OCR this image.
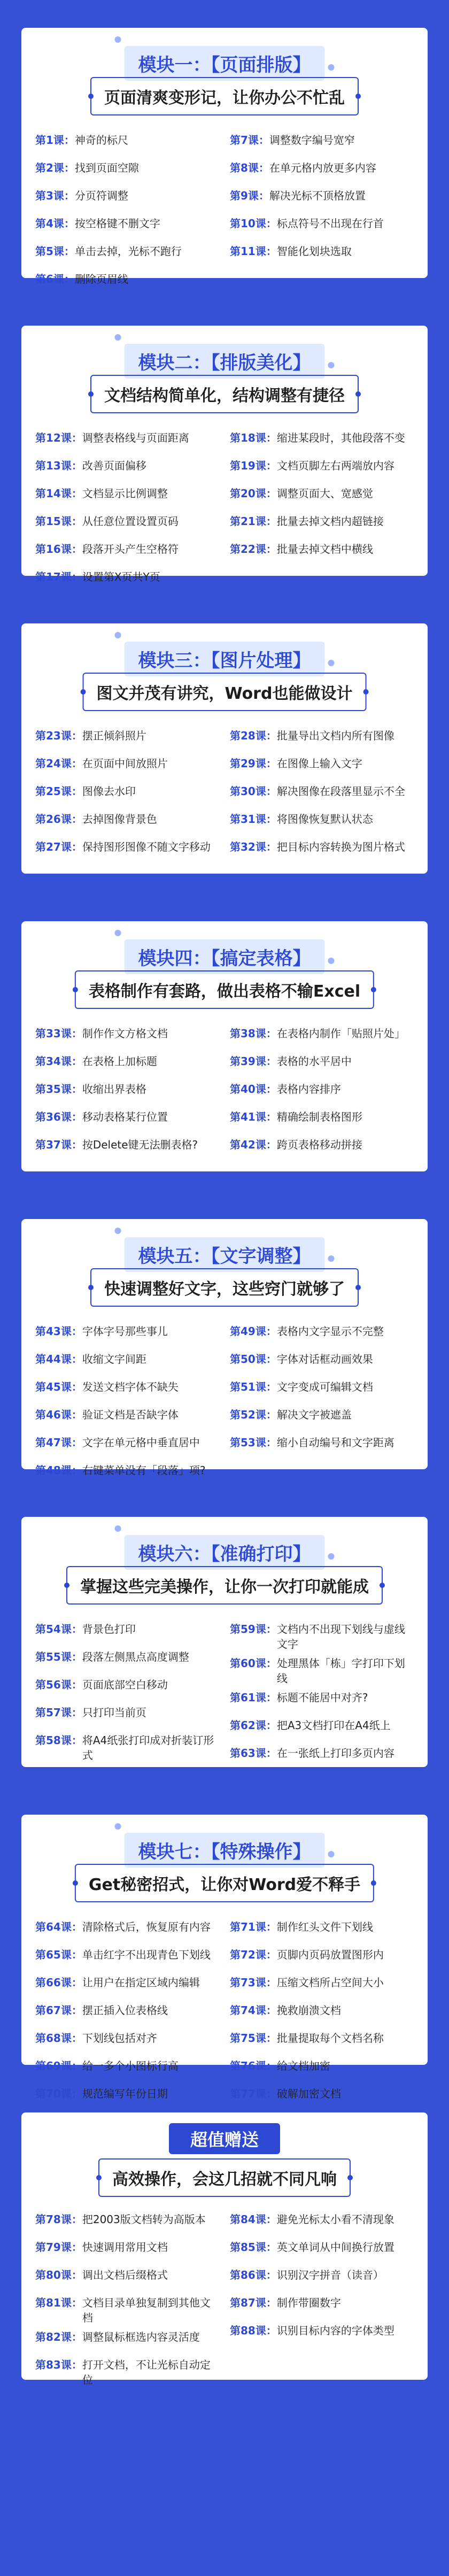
模块一：【页面排版】
页面清爽变形记，让你办公不忙乱
第1课： 神奇的标尺
第2课： 找到页面空隙
第3课： 分页符调整
第4课： 按空格键不删文字
第5课： 单击去掉，光标不跑行
第6课： 删除页眉线
第7课： 调整数字编号宽窄
第8课： 在单元格内放更多内容
第9课： 解决光标不顶格放置
第10课： 标点符号不出现在行首
第11课： 智能化划块选取
模块二：【排版美化】
文档结构简单化，结构调整有捷径
第12课： 调整表格线与页面距离
第13课： 改善页面偏移
第14课： 文档显示比例调整
第15课： 从任意位置设置页码
第16课： 段落开头产生空格符
第17课： 设置第X页共Y页
第18课： 缩进某段时，其他段落不变
第19课： 文档页脚左右两端放内容
第20课： 调整页面大、宽感觉
第21课： 批量去掉文档内超链接
第22课： 批量去掉文档中横线
模块三：【图片处理】
图文并茂有讲究，Word也能做设计
第23课： 摆正倾斜照片
第24课： 在页面中间放照片
第25课： 图像去水印
第26课： 去掉图像背景色
第27课： 保持图形图像不随文字移动
第28课： 批量导出文档内所有图像
第29课： 在图像上输入文字
第30课： 解决图像在段落里显示不全
第31课： 将图像恢复默认状态
第32课： 把目标内容转换为图片格式
模块四：【搞定表格】
表格制作有套路，做出表格不输Excel
第33课： 制作作文方格文档
第34课： 在表格上加标题
第35课： 收缩出界表格
第36课： 移动表格某行位置
第37课： 按Delete键无法删表格?
第38课： 在表格内制作「贴照片处」
第39课： 表格的水平居中
第40课： 表格内容排序
第41课： 精确绘制表格图形
第42课： 跨页表格移动拼接
模块五：【文字调整】
快速调整好文字，这些窍门就够了
第43课： 字体字号那些事儿
第44课： 收缩文字间距
第45课： 发送文档字体不缺失
第46课： 验证文档是否缺字体
第47课： 文字在单元格中垂直居中
第48课： 右键菜单没有「段落」项?
第49课： 表格内文字显示不完整
第50课： 字体对话框动画效果
第51课： 文字变成可编辑文档
第52课： 解决文字被遮盖
第53课： 缩小自动编号和文字距离
模块六：【准确打印】
掌握这些完美操作，让你一次打印就能成
第54课： 背景色打印
第55课： 段落左侧黑点高度调整
第56课： 页面底部空白移动
第57课： 只打印当前页
第58课： 将A4纸张打印成对折装订形式
第59课： 文档内不出现下划线与虚线文字
第60课： 处理黑体「栋」字打印下划线
第61课： 标题不能居中对齐?
第62课： 把A3文档打印在A4纸上
第63课： 在一张纸上打印多页内容
模块七：【特殊操作】
Get秘密招式，让你对Word爱不释手
第64课： 清除格式后，恢复原有内容
第65课： 单击红字不出现青色下划线
第66课： 让用户在指定区域内编辑
第67课： 摆正插入位表格线
第68课： 下划线包括对齐
第69课： 给一多个小图标行高
第70课： 规范编写年份日期
第71课： 制作红头文件下划线
第72课： 页脚内页码放置图形内
第73课： 压缩文档所占空间大小
第74课： 挽救崩溃文档
第75课： 批量提取每个文档名称
第76课： 给文档加密
第77课： 破解加密文档
超值赠送
高效操作，会这几招就不同凡响
第78课： 把2003版文档转为高版本
第79课： 快速调用常用文档
第80课： 调出文档后缀格式
第81课： 文档目录单独复制到其他文档
第82课： 调整鼠标框选内容灵活度
第83课： 打开文档，不让光标自动定位
第84课： 避免光标太小看不清现象
第85课： 英文单词从中间换行放置
第86课： 识别汉字拼音（读音）
第87课： 制作带圈数字
第88课： 识别目标内容的字体类型
